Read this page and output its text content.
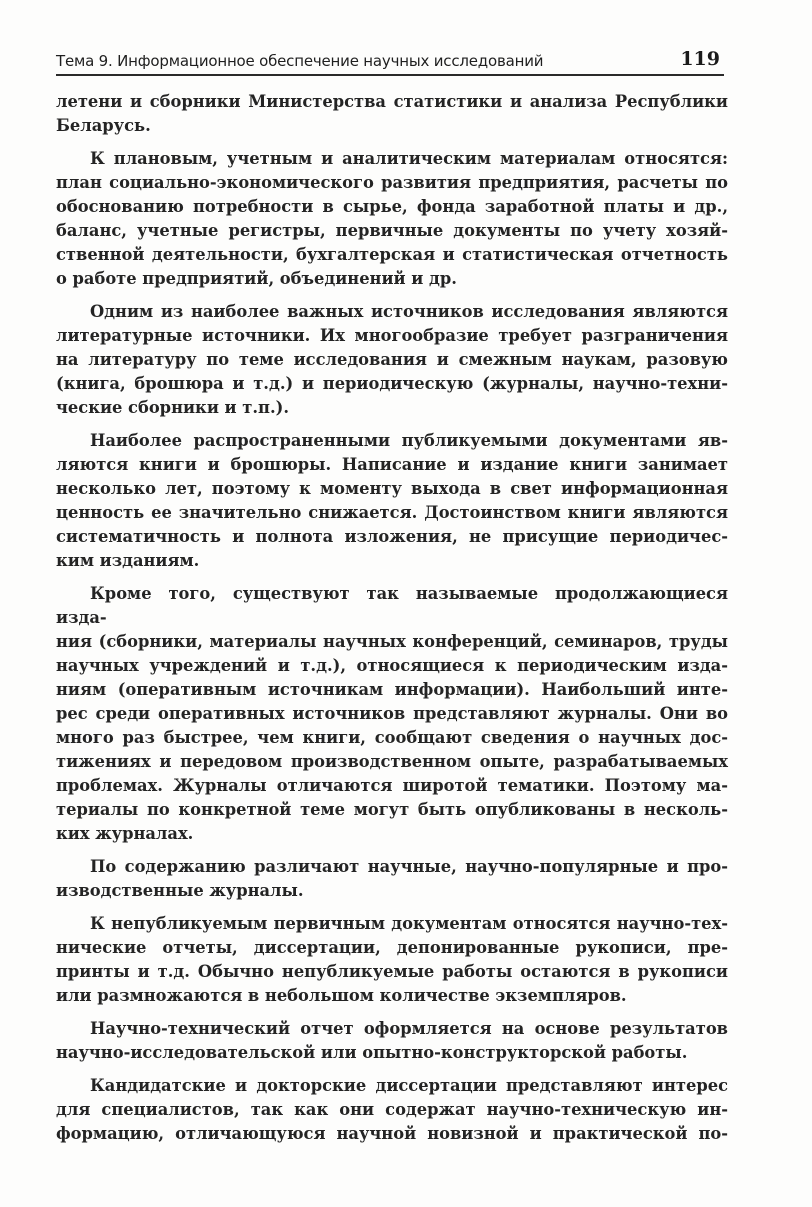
Тема 9. Информационное обеспечение научных исследований	119

летени и сборники Министерства статистики и анализа Республики
Беларусь.

К плановым, учетным и аналитическим материалам относятся:
план социально-экономического развития предприятия, расчеты по
обоснованию потребности в сырье, фонда заработной платы и др.,
баланс, учетные регистры, первичные документы по учету хозяй-
ственной деятельности, бухгалтерская и статистическая отчетность
о работе предприятий, объединений и др.

Одним из наиболее важных источников исследования являются
литературные источники. Их многообразие требует разграничения
на литературу по теме исследования и смежным наукам, разовую
(книга, брошюра и т.д.) и периодическую (журналы, научно-техни-
ческие сборники и т.п.).

Наиболее распространенными публикуемыми документами яв-
ляются книги и брошюры. Написание и издание книги занимает
несколько лет, поэтому к моменту выхода в свет информационная
ценность ее значительно снижается. Достоинством книги являются
систематичность и полнота изложения, не присущие периодичес-
ким изданиям.

Кроме того, существуют так называемые продолжающиеся изда-
ния (сборники, материалы научных конференций, семинаров, труды
научных учреждений и т.д.), относящиеся к периодическим изда-
ниям (оперативным источникам информации). Наибольший инте-
рес среди оперативных источников представляют журналы. Они во
много раз быстрее, чем книги, сообщают сведения о научных дос-
тижениях и передовом производственном опыте, разрабатываемых
проблемах. Журналы отличаются широтой тематики. Поэтому ма-
териалы по конкретной теме могут быть опубликованы в несколь-
ких журналах.

По содержанию различают научные, научно-популярные и про-
изводственные журналы.

К непубликуемым первичным документам относятся научно-тех-
нические отчеты, диссертации, депонированные рукописи, пре-
принты и т.д. Обычно непубликуемые работы остаются в рукописи
или размножаются в небольшом количестве экземпляров.

Научно-технический отчет оформляется на основе результатов
научно-исследовательской или опытно-конструкторской работы.

Кандидатские и докторские диссертации представляют интерес
для специалистов, так как они содержат научно-техническую ин-
формацию, отличающуюся научной новизной и практической по-
